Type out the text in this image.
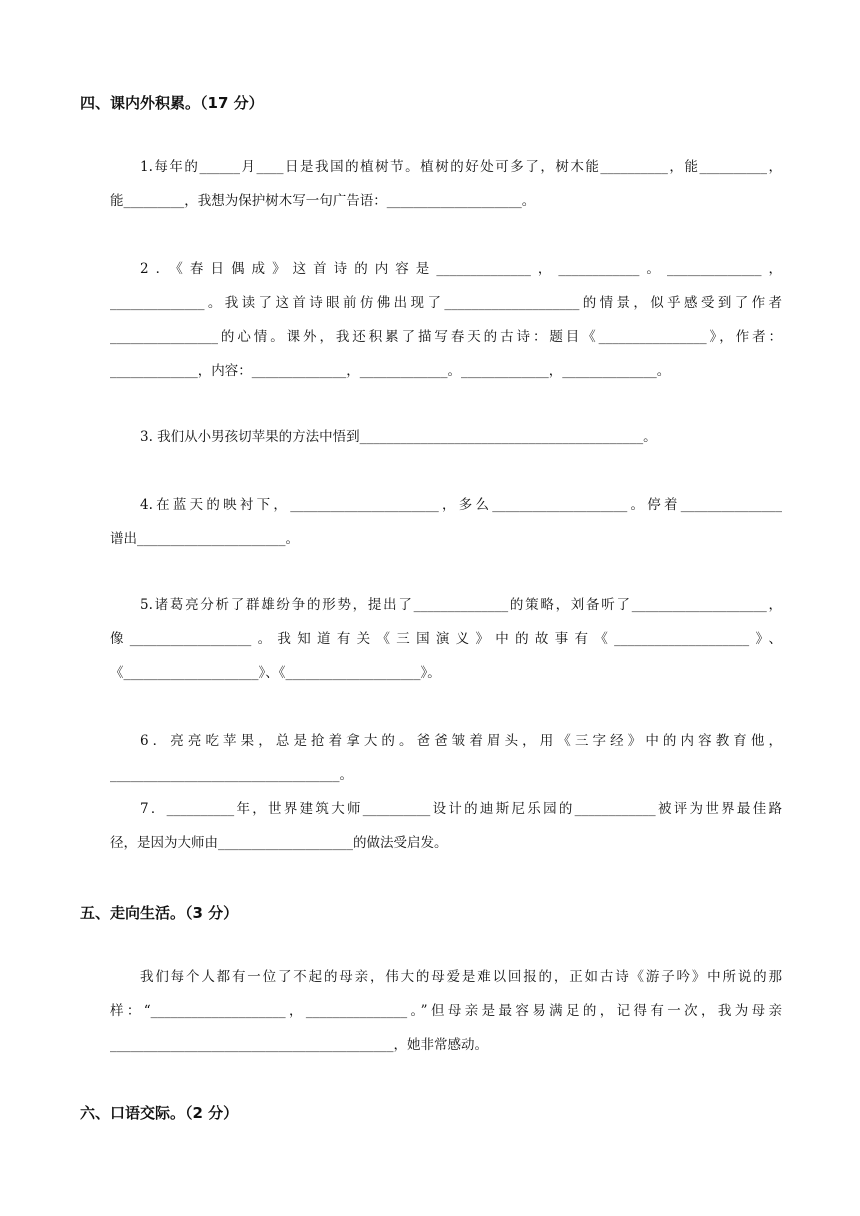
四、课内外积累。（17 分）
1.每年的______月____日是我国的植树节。植树的好处可多了，树木能__________，能__________，
能_________，我想为保护树木写一句广告语：____________________。
2．《春日偶成》这首诗的内容是______________，____________。______________，
______________。我读了这首诗眼前仿佛出现了____________________的情景，似乎感受到了作者
________________的心情。课外，我还积累了描写春天的古诗：题目《________________》，作者：
_____________，内容：______________，_____________。_____________，______________。
3. 我们从小男孩切苹果的方法中悟到__________________________________________。
4.在蓝天的映衬下，______________________，多么____________________。停着_______________
谱出______________________。
5.诸葛亮分析了群雄纷争的形势，提出了______________的策略，刘备听了____________________，
像__________________。我知道有关《三国演义》中的故事有《____________________》、
《____________________》、《____________________》。
6．亮亮吃苹果，总是抢着拿大的。爸爸皱着眉头，用《三字经》中的内容教育他，
__________________________________。
7．__________年，世界建筑大师__________设计的迪斯尼乐园的____________被评为世界最佳路
径，是因为大师由____________________的做法受启发。
五、走向生活。（3 分）
我们每个人都有一位了不起的母亲，伟大的母爱是难以回报的，正如古诗《游子吟》中所说的那
样：“____________________，_______________。”但母亲是最容易满足的，记得有一次，我为母亲
__________________________________________，她非常感动。
六、口语交际。（2 分）
